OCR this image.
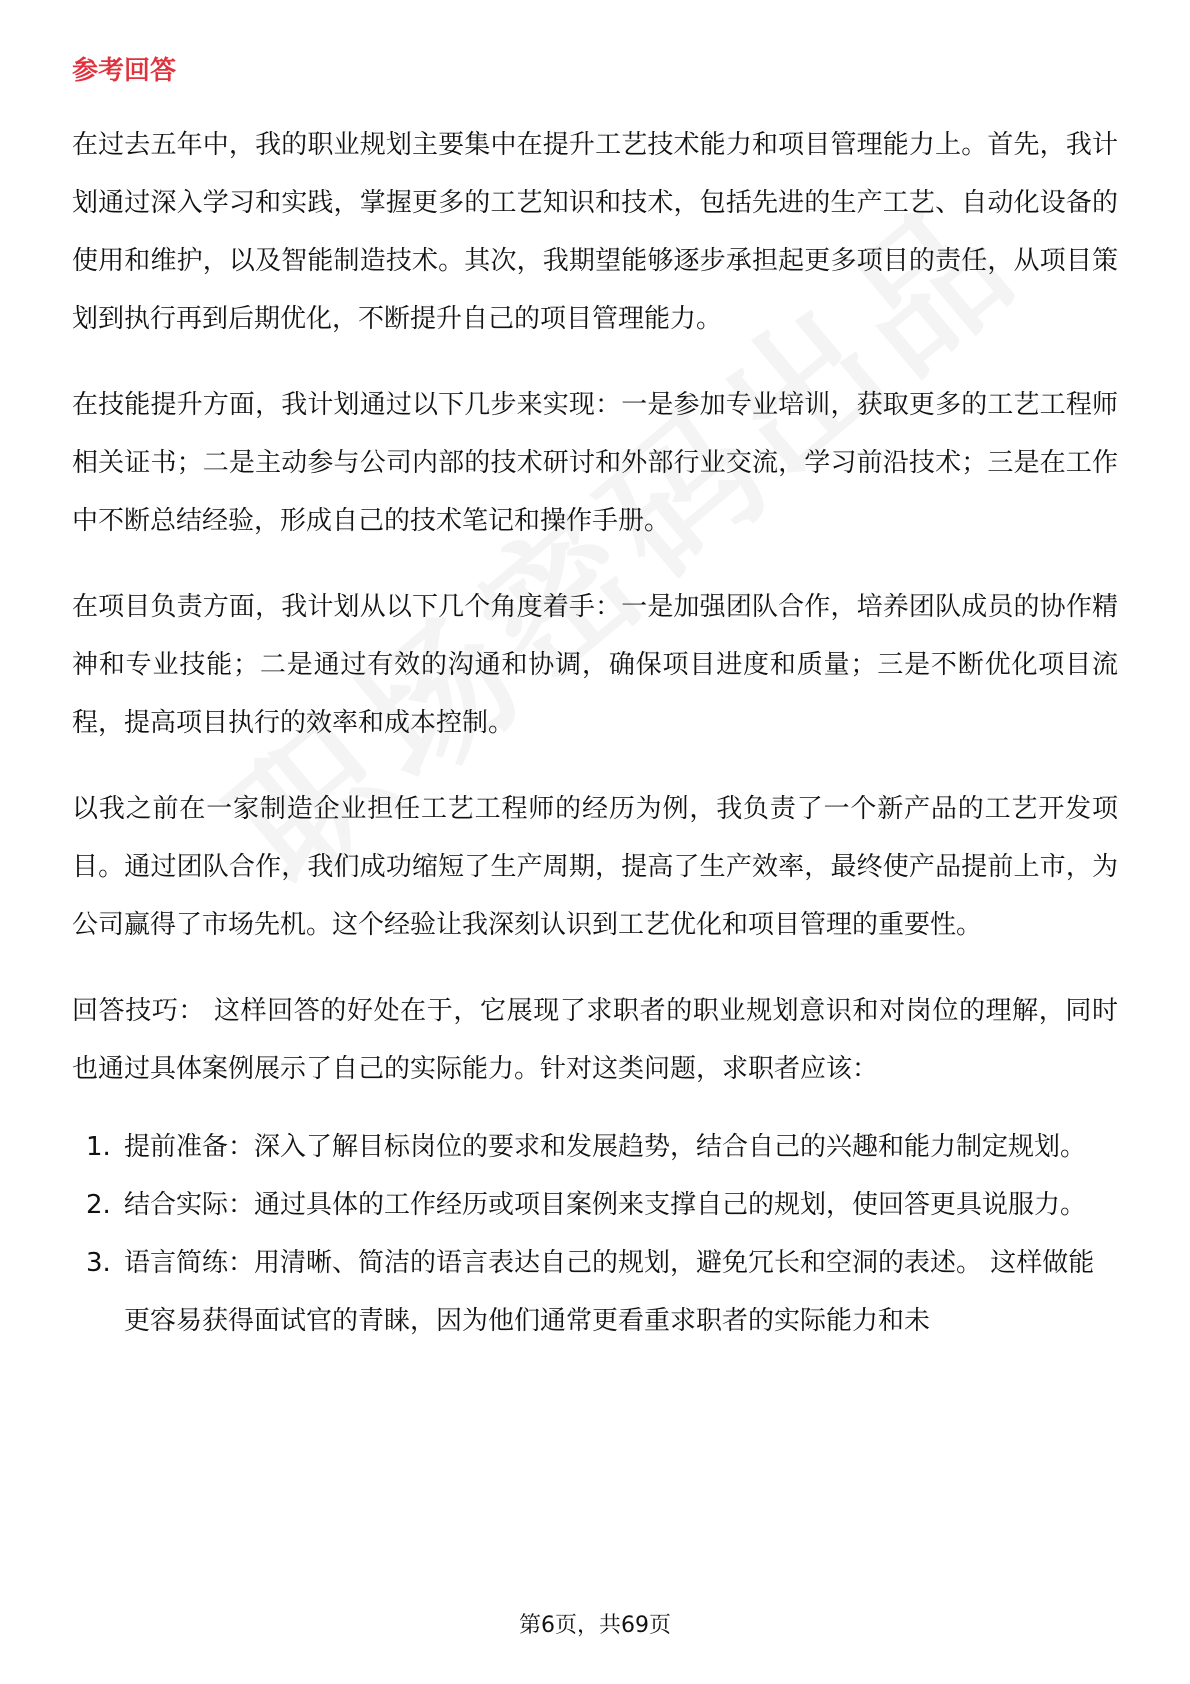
参考回答

在过去五年中，我的职业规划主要集中在提升工艺技术能力和项目管理能力上。首先，我计划通过深入学习和实践，掌握更多的工艺知识和技术，包括先进的生产工艺、自动化设备的使用和维护，以及智能制造技术。其次，我期望能够逐步承担起更多项目的责任，从项目策划到执行再到后期优化，不断提升自己的项目管理能力。

在技能提升方面，我计划通过以下几步来实现：一是参加专业培训，获取更多的工艺工程师相关证书；二是主动参与公司内部的技术研讨和外部行业交流，学习前沿技术；三是在工作中不断总结经验，形成自己的技术笔记和操作手册。

在项目负责方面，我计划从以下几个角度着手：一是加强团队合作，培养团队成员的协作精神和专业技能；二是通过有效的沟通和协调，确保项目进度和质量；三是不断优化项目流程，提高项目执行的效率和成本控制。

以我之前在一家制造企业担任工艺工程师的经历为例，我负责了一个新产品的工艺开发项目。通过团队合作，我们成功缩短了生产周期，提高了生产效率，最终使产品提前上市，为公司赢得了市场先机。这个经验让我深刻认识到工艺优化和项目管理的重要性。

回答技巧： 这样回答的好处在于，它展现了求职者的职业规划意识和对岗位的理解，同时也通过具体案例展示了自己的实际能力。针对这类问题，求职者应该：

1. 提前准备：深入了解目标岗位的要求和发展趋势，结合自己的兴趣和能力制定规划。
2. 结合实际：通过具体的工作经历或项目案例来支撑自己的规划，使回答更具说服力。
3. 语言简练：用清晰、简洁的语言表达自己的规划，避免冗长和空洞的表述。 这样做能更容易获得面试官的青睐，因为他们通常更看重求职者的实际能力和未
第6页，共69页
